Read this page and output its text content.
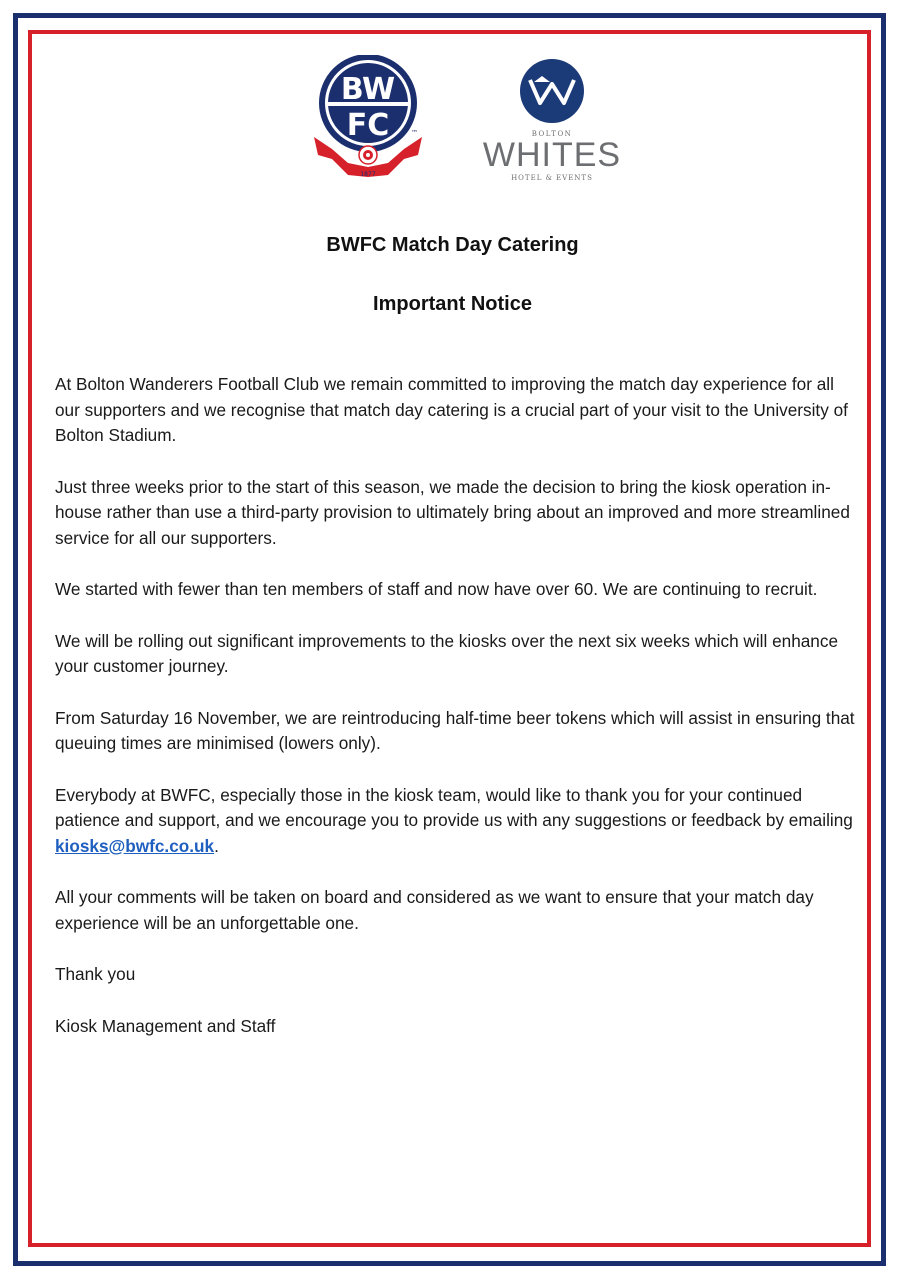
BW
FC	™
1877
BOLTON
WHITES
HOTEL & EVENTS
BWFC Match Day Catering
Important Notice

At Bolton Wanderers Football Club we remain committed to improving the match day experience for all our supporters and we recognise that match day catering is a crucial part of your visit to the University of Bolton Stadium.

Just three weeks prior to the start of this season, we made the decision to bring the kiosk operation in-house rather than use a third-party provision to ultimately bring about an improved and more streamlined service for all our supporters.

We started with fewer than ten members of staff and now have over 60. We are continuing to recruit.

We will be rolling out significant improvements to the kiosks over the next six weeks which will enhance your customer journey.

From Saturday 16 November, we are reintroducing half-time beer tokens which will assist in ensuring that queuing times are minimised (lowers only).

Everybody at BWFC, especially those in the kiosk team, would like to thank you for your continued patience and support, and we encourage you to provide us with any suggestions or feedback by emailing kiosks@bwfc.co.uk.

All your comments will be taken on board and considered as we want to ensure that your match day experience will be an unforgettable one.

Thank you

Kiosk Management and Staff
